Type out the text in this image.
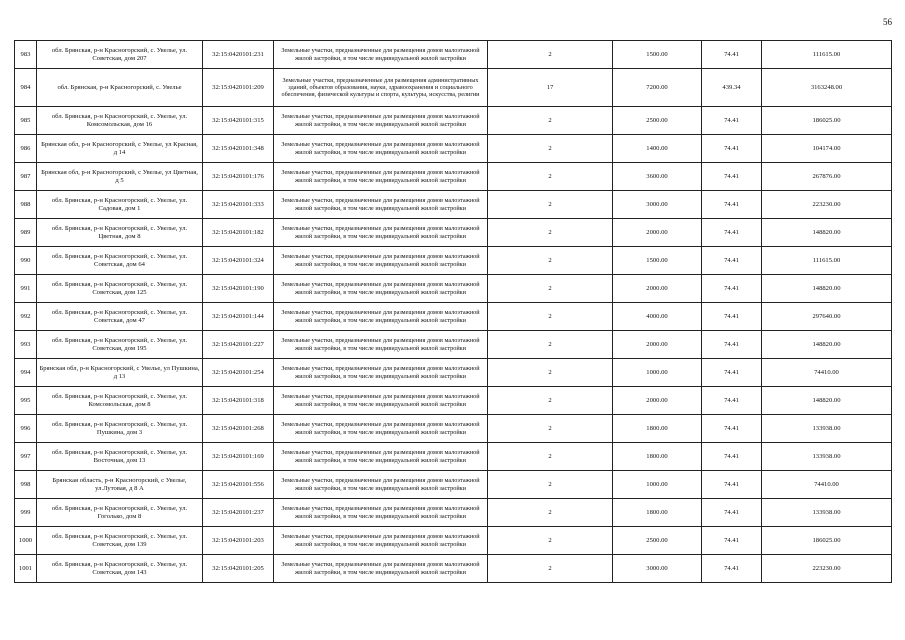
56
983	обл. Брянская, р-н Красногорский, с. Увелье, ул. Советская, дом 207	32:15:0420101:231	Земельные участки, предназначенные для размещения домов малоэтажной жилой застройки, в том числе индивидуальной жилой застройки	2	1500.00	74.41	111615.00
984	обл. Брянская, р-н Красногорский, с. Увелье	32:15:0420101:209	Земельные участки, предназначенные для размещения административных зданий, объектов образования, науки, здравоохранения и социального обеспечения, физической культуры и спорта, культуры, искусства, религии	17	7200.00	439.34	3163248.00
985	обл. Брянская, р-н Красногорский, с. Увелье, ул. Комсомольская, дом 16	32:15:0420101:315	Земельные участки, предназначенные для размещения домов малоэтажной жилой застройки, в том числе индивидуальной жилой застройки	2	2500.00	74.41	186025.00
986	Брянская обл, р-н Красногорский, с Увелье, ул Красная, д 14	32:15:0420101:348	Земельные участки, предназначенные для размещения домов малоэтажной жилой застройки, в том числе индивидуальной жилой застройки	2	1400.00	74.41	104174.00
987	Брянская обл, р-н Красногорский, с Увелье, ул Цветная, д 5	32:15:0420101:176	Земельные участки, предназначенные для размещения домов малоэтажной жилой застройки, в том числе индивидуальной жилой застройки	2	3600.00	74.41	267876.00
988	обл. Брянская, р-н Красногорский, с. Увелье, ул. Садовая, дом 1	32:15:0420101:333	Земельные участки, предназначенные для размещения домов малоэтажной жилой застройки, в том числе индивидуальной жилой застройки	2	3000.00	74.41	223230.00
989	обл. Брянская, р-н Красногорский, с. Увелье, ул. Цветная, дом 8	32:15:0420101:182	Земельные участки, предназначенные для размещения домов малоэтажной жилой застройки, в том числе индивидуальной жилой застройки	2	2000.00	74.41	148820.00
990	обл. Брянская, р-н Красногорский, с. Увелье, ул. Советская, дом 64	32:15:0420101:324	Земельные участки, предназначенные для размещения домов малоэтажной жилой застройки, в том числе индивидуальной жилой застройки	2	1500.00	74.41	111615.00
991	обл. Брянская, р-н Красногорский, с. Увелье, ул. Советская, дом 125	32:15:0420101:190	Земельные участки, предназначенные для размещения домов малоэтажной жилой застройки, в том числе индивидуальной жилой застройки	2	2000.00	74.41	148820.00
992	обл. Брянская, р-н Красногорский, с. Увелье, ул. Советская, дом 47	32:15:0420101:144	Земельные участки, предназначенные для размещения домов малоэтажной жилой застройки, в том числе индивидуальной жилой застройки	2	4000.00	74.41	297640.00
993	обл. Брянская, р-н Красногорский, с. Увелье, ул. Советская, дом 195	32:15:0420101:227	Земельные участки, предназначенные для размещения домов малоэтажной жилой застройки, в том числе индивидуальной жилой застройки	2	2000.00	74.41	148820.00
994	Брянская обл, р-н Красногорский, с Увелье, ул Пушкина, д 13	32:15:0420101:254	Земельные участки, предназначенные для размещения домов малоэтажной жилой застройки, в том числе индивидуальной жилой застройки	2	1000.00	74.41	74410.00
995	обл. Брянская, р-н Красногорский, с. Увелье, ул. Комсомольская, дом 8	32:15:0420101:318	Земельные участки, предназначенные для размещения домов малоэтажной жилой застройки, в том числе индивидуальной жилой застройки	2	2000.00	74.41	148820.00
996	обл. Брянская, р-н Красногорский, с. Увелье, ул. Пушкина, дом 3	32:15:0420101:268	Земельные участки, предназначенные для размещения домов малоэтажной жилой застройки, в том числе индивидуальной жилой застройки	2	1800.00	74.41	133938.00
997	обл. Брянская, р-н Красногорский, с. Увелье, ул. Восточная, дом 13	32:15:0420101:169	Земельные участки, предназначенные для размещения домов малоэтажной жилой застройки, в том числе индивидуальной жилой застройки	2	1800.00	74.41	133938.00
998	Брянская область, р-н Красногорский, с Увелье, ул.Лутовая, д 8 А	32:15:0420101:556	Земельные участки, предназначенные для размещения домов малоэтажной жилой застройки, в том числе индивидуальной жилой застройки	2	1000.00	74.41	74410.00
999	обл. Брянская, р-н Красногорский, с. Увелье, ул. Гоголько, дом 8	32:15:0420101:237	Земельные участки, предназначенные для размещения домов малоэтажной жилой застройки, в том числе индивидуальной жилой застройки	2	1800.00	74.41	133938.00
1000	обл. Брянская, р-н Красногорский, с. Увелье, ул. Советская, дом 139	32:15:0420101:203	Земельные участки, предназначенные для размещения домов малоэтажной жилой застройки, в том числе индивидуальной жилой застройки	2	2500.00	74.41	186025.00
1001	обл. Брянская, р-н Красногорский, с. Увелье, ул. Советская, дом 143	32:15:0420101:205	Земельные участки, предназначенные для размещения домов малоэтажной жилой застройки, в том числе индивидуальной жилой застройки	2	3000.00	74.41	223230.00
